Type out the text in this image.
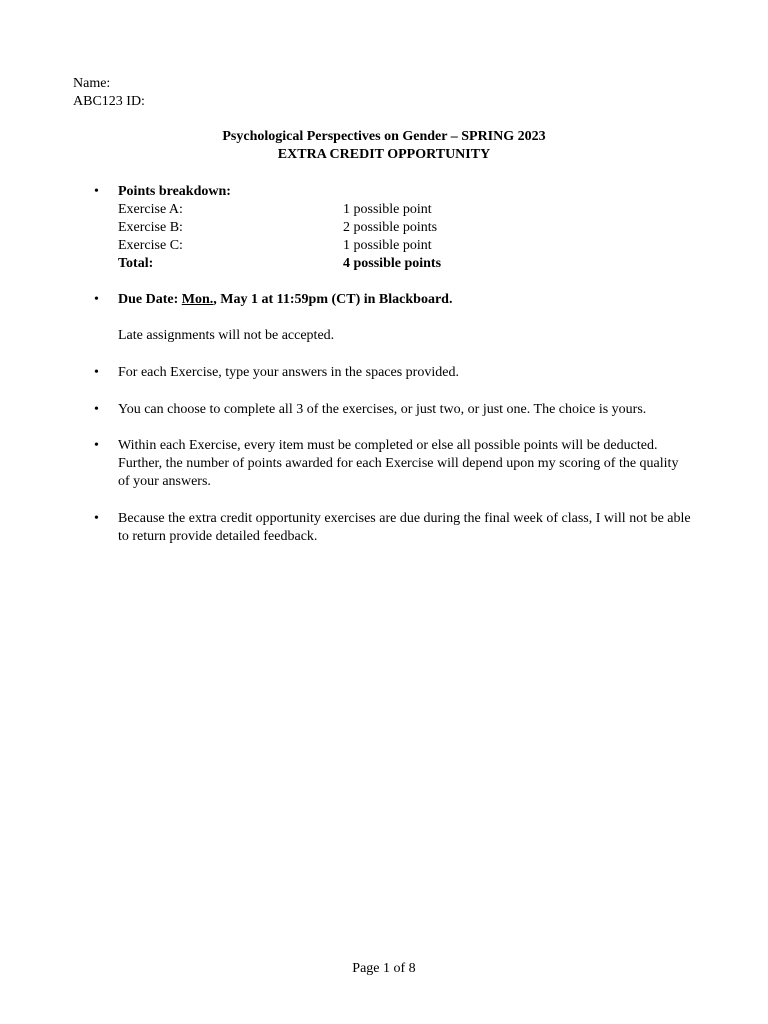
Name:
ABC123 ID:
Psychological Perspectives on Gender – SPRING 2023
EXTRA CREDIT OPPORTUNITY
• Points breakdown:
Exercise A:	1 possible point
Exercise B:	2 possible points
Exercise C:	1 possible point
Total:	4 possible points
• Due Date: Mon., May 1 at 11:59pm (CT) in Blackboard.
Late assignments will not be accepted.
• For each Exercise, type your answers in the spaces provided.
• You can choose to complete all 3 of the exercises, or just two, or just one. The choice is yours.
• Within each Exercise, every item must be completed or else all possible points will be deducted. Further, the number of points awarded for each Exercise will depend upon my scoring of the quality of your answers.
• Because the extra credit opportunity exercises are due during the final week of class, I will not be able to return provide detailed feedback.
Page 1 of 8
